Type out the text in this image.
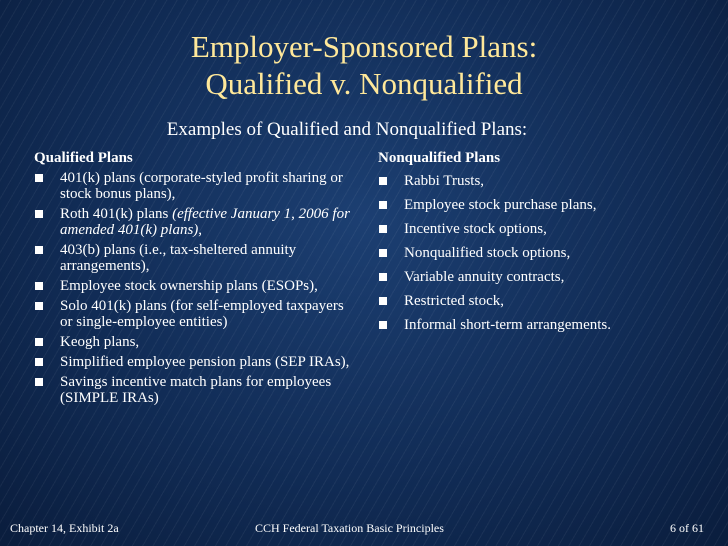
Employer-Sponsored Plans:
Qualified v. Nonqualified
Examples of Qualified and Nonqualified Plans:
Qualified Plans
401(k) plans (corporate-styled profit sharing or stock bonus plans),
Roth 401(k) plans (effective January 1, 2006 for amended 401(k) plans),
403(b) plans (i.e., tax-sheltered annuity arrangements),
Employee stock ownership plans (ESOPs),
Solo 401(k) plans (for self-employed taxpayers or single-employee entities)
Keogh plans,
Simplified employee pension plans (SEP IRAs),
Savings incentive match plans for employees (SIMPLE IRAs)
Nonqualified Plans
Rabbi Trusts,
Employee stock purchase plans,
Incentive stock options,
Nonqualified stock options,
Variable annuity contracts,
Restricted stock,
Informal short-term arrangements.
Chapter 14, Exhibit 2a	CCH Federal Taxation Basic Principles	6 of 61
